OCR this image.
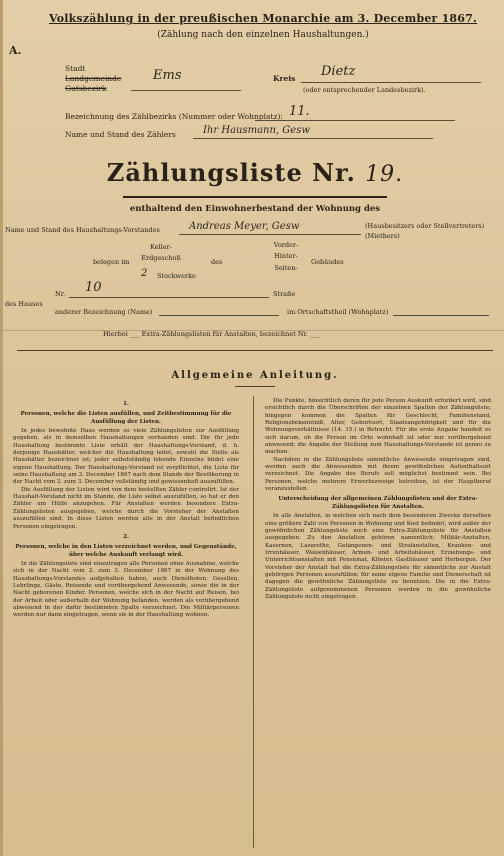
Volkszählung in der preußischen Monarchie am 3. December 1867.
(Zählung nach den einzelnen Haushaltungen.)
A.
Stadt
Landgemeinde
Gutsbezirk
Ems	Kreis Dietz
(oder entsprechender Landesbezirk).
Bezeichnung des Zählbezirks (Nummer oder Wohnplatz): 11.
Name und Stand des Zählers	Ihr Hausmann, Gesw
Zählungsliste Nr. 19.
enthaltend den Einwohnerbestand der Wohnung des
Name und Stand des Haushaltungs-Vorstandes	Andreas Meyer, Gesw	(Hausbesitzers oder Stellvertreters)
(Miethers)
belegen im
Keller-
Erdgeschoß
2 Stockwerke
des
Vorder-
Hinter-
Seiten-
Gebäudes
des Hauses
Nr. 10	Straße
anderer Bezeichnung (Name)	im Ortschaftstheil (Wohnplatz)
Hierbei ___ Extra-Zählungslisten für Anstalten, bezeichnet Nr. ___
Allgemeine Anleitung.
1.
Personen, welche die Listen ausfüllen, und Zeitbestimmung für die Ausfüllung der Listen.
In jedes bewohnte Haus werden so viele Zählungslisten zur Ausfüllung gegeben, als in demselben Haushaltungen vorhanden sind. Die für jede Haushaltung bestimmte Liste erhält der Haushaltungs-Vorstand, d. h. derjenige Haushälter, welcher die Haushaltung leitet, sowohl die Stelle als Haushälter bezeichnet ist; jeder selbstständig lebende Einzelne bildet eine eigene Haushaltung. Der Haushaltungs-Vorstand ist verpflichtet, die Liste für seine Haushaltung am 3. December 1867 nach dem Stande der Bevölkerung in der Nacht vom 2. zum 3. December vollständig und gewissenhaft auszufüllen.
Die Ausfüllung der Listen wird von dem bestellten Zähler controlirt. Ist der Haushalt-Vorstand nicht im Stande, die Liste selbst auszufüllen, so hat er den Zähler um Hülfe anzugehen. Für Anstalten werden besondere Extra-Zählungslisten ausgegeben, welche durch die Vorsteher der Anstalten auszufüllen sind. In diese Listen werden alle in der Anstalt befindlichen Personen eingetragen.
2.
Personen, welche in den Listen verzeichnet werden, und Gegenstände, über welche Auskunft verlangt wird.
In die Zählungsliste sind einzutragen alle Personen ohne Ausnahme, welche sich in der Nacht vom 2. zum 3. December 1867 in der Wohnung des Haushaltungs-Vorstandes aufgehalten haben, auch Dienstboten, Gesellen, Lehrlinge, Gäste, Reisende und vorübergehend Anwesende, sowie die in der Nacht geborenen Kinder. Personen, welche sich in der Nacht auf Reisen, bei der Arbeit oder außerhalb der Wohnung befanden, werden als vorübergehend abwesend in der dafür bestimmten Spalte verzeichnet. Die Militärpersonen werden nur dann eingetragen, wenn sie in der Haushaltung wohnen.
Die Punkte, hinsichtlich deren für jede Person Auskunft erfordert wird, sind ersichtlich durch die Überschriften der einzelnen Spalten der Zählungsliste; hingegen kommen die Spalten für Geschlecht, Familienstand, Religionsbekenntniß, Alter, Geburtsort, Staatsangehörigkeit und für die Wohnungsverhältnisse (14. 15.) in Betracht. Für die erste Angabe handelt es sich darum, ob die Person im Orte wohnhaft ist oder nur vorübergehend anwesend; die Angabe der Stellung zum Haushaltungs-Vorstande ist genau zu machen.
Nachdem in die Zählungsliste sämmtliche Anwesende eingetragen sind, werden auch die Abwesenden mit ihrem gewöhnlichen Aufenthaltsort verzeichnet. Die Angabe des Berufs soll möglichst bestimmt sein. Bei Personen, welche mehrere Erwerbszweige betreiben, ist der Hauptberuf voranzustellen.
Unterscheidung der allgemeinen Zählungslisten und der Extra-Zählungslisten für Anstalten.
In alle Anstalten, in welchen sich nach dem besonderen Zwecke derselben eine größere Zahl von Personen in Wohnung und Kost befindet, wird außer der gewöhnlichen Zählungsliste noch eine Extra-Zählungsliste für Anstalten ausgegeben. Zu den Anstalten gehören namentlich: Militär-Anstalten, Kasernen, Lazarethe, Gefangenen- und Strafanstalten, Kranken- und Irrenhäuser, Waisenhäuser, Armen- und Arbeitshäuser, Erziehungs- und Unterrichtsanstalten mit Pensionat, Klöster, Gasthäuser und Herbergen. Der Vorsteher der Anstalt hat die Extra-Zählungsliste für sämmtliche zur Anstalt gehörigen Personen auszufüllen; für seine eigene Familie und Dienerschaft ist dagegen die gewöhnliche Zählungsliste zu benutzen. Die in die Extra-Zählungsliste aufgenommenen Personen werden in die gewöhnliche Zählungsliste nicht eingetragen.
